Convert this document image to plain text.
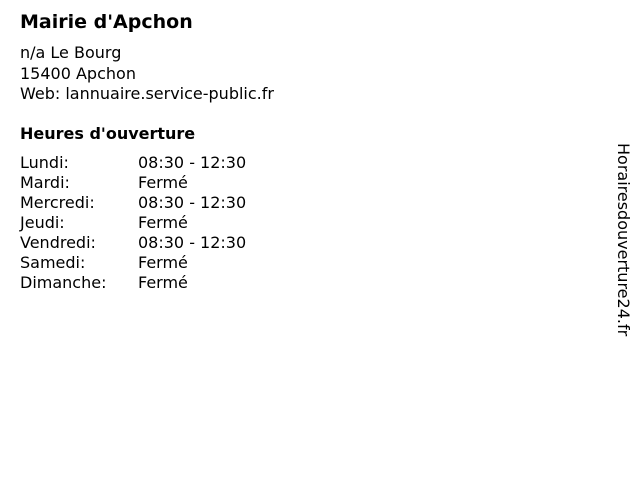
Mairie d'Apchon
n/a Le Bourg
15400 Apchon
Web: lannuaire.service-public.fr
Heures d'ouverture
Lundi:	08:30 - 12:30
Mardi:	Fermé
Mercredi:	08:30 - 12:30
Jeudi:	Fermé
Vendredi:	08:30 - 12:30
Samedi:	Fermé
Dimanche:	Fermé	Horairesdouverture24.fr
